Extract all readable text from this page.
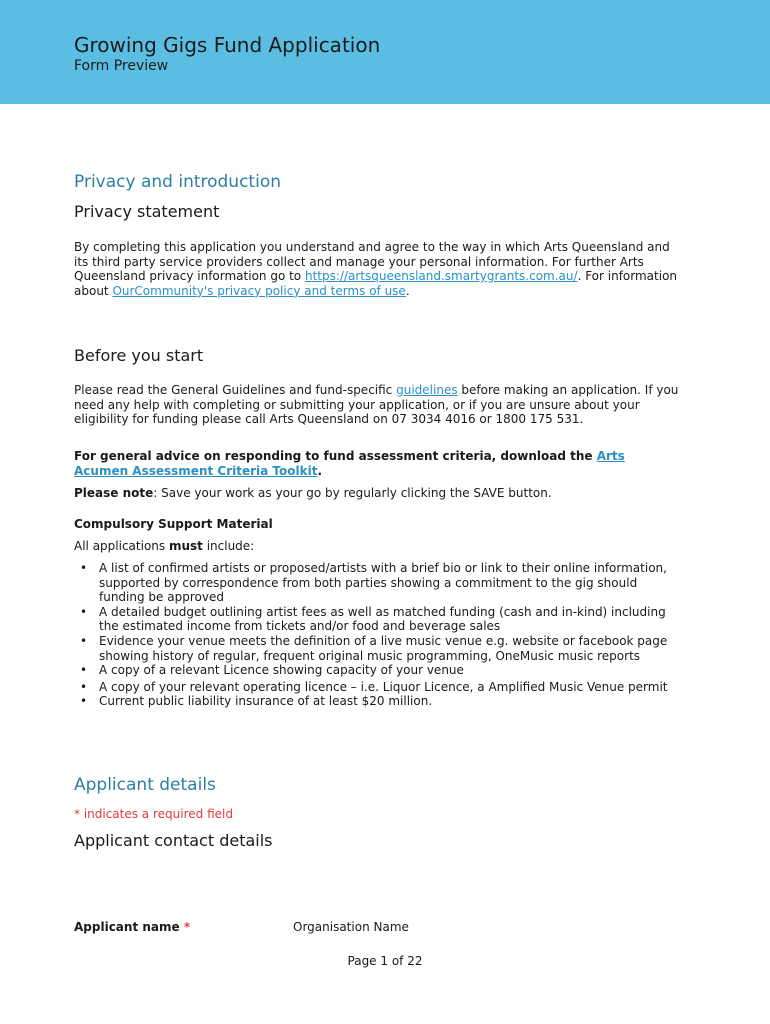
Growing Gigs Fund Application
Form Preview
Privacy and introduction
Privacy statement
By completing this application you understand and agree to the way in which Arts Queensland and its third party service providers collect and manage your personal information. For further Arts Queensland privacy information go to https://artsqueensland.smartygrants.com.au/. For information about OurCommunity's privacy policy and terms of use.
Before you start
Please read the General Guidelines and fund-specific guidelines before making an application. If you need any help with completing or submitting your application, or if you are unsure about your eligibility for funding please call Arts Queensland on 07 3034 4016 or 1800 175 531.
For general advice on responding to fund assessment criteria, download the Arts Acumen Assessment Criteria Toolkit.
Please note: Save your work as your go by regularly clicking the SAVE button.
Compulsory Support Material
All applications must include:
• A list of confirmed artists or proposed/artists with a brief bio or link to their online information, supported by correspondence from both parties showing a commitment to the gig should funding be approved
• A detailed budget outlining artist fees as well as matched funding (cash and in-kind) including the estimated income from tickets and/or food and beverage sales
• Evidence your venue meets the definition of a live music venue e.g. website or facebook page showing history of regular, frequent original music programming, OneMusic music reports
• A copy of a relevant Licence showing capacity of your venue
• A copy of your relevant operating licence – i.e. Liquor Licence, a Amplified Music Venue permit
• Current public liability insurance of at least $20 million.
Applicant details
* indicates a required field
Applicant contact details
Applicant name *	Organisation Name
Page 1 of 22
